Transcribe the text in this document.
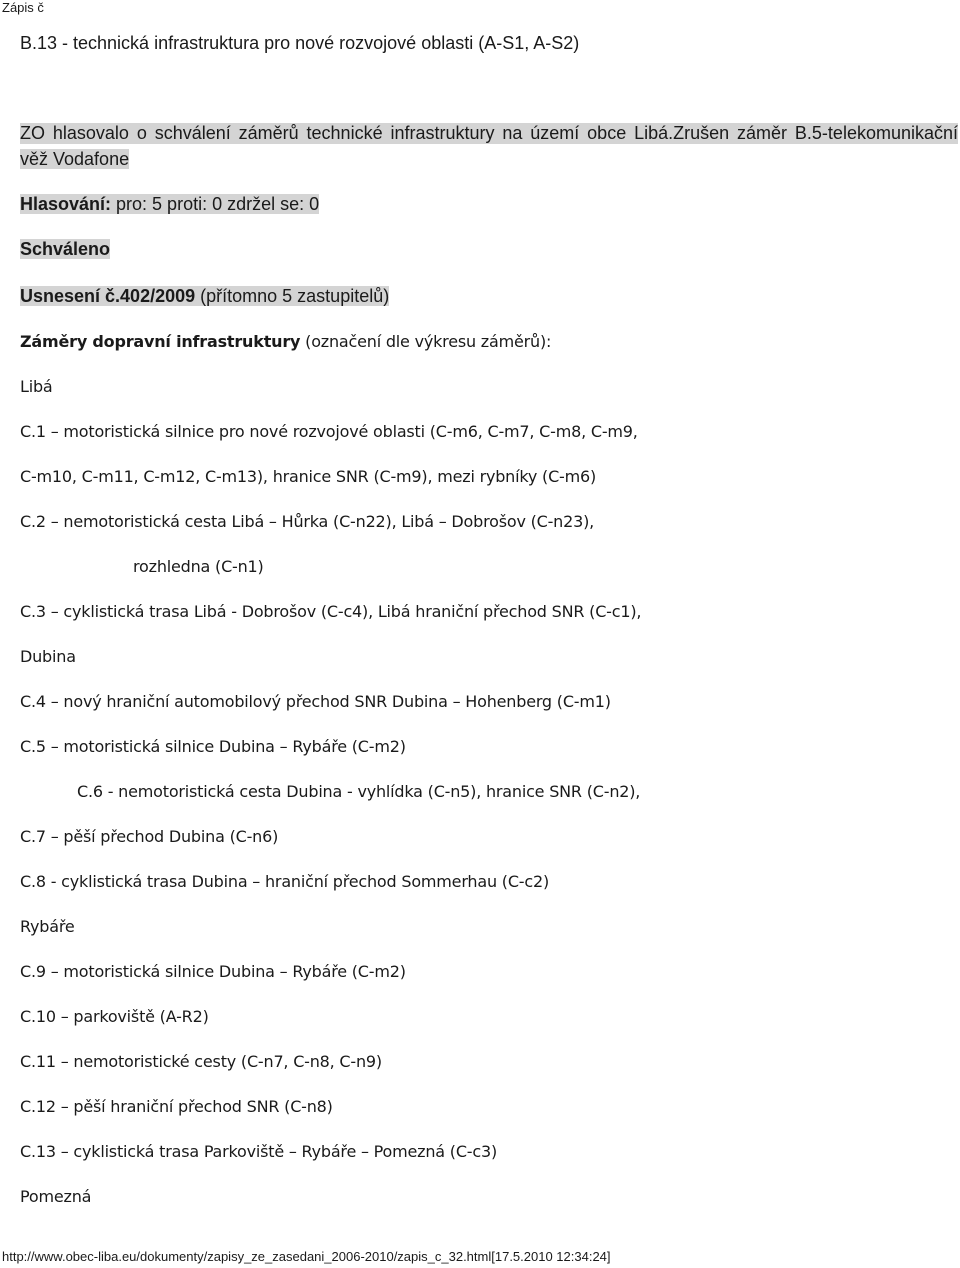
Zápis č
B.13 - technická infrastruktura pro nové rozvojové oblasti (A-S1, A-S2)
ZO hlasovalo o schválení záměrů technické infrastruktury na území obce Libá.Zrušen záměr B.5-telekomunikační
věž Vodafone
Hlasování: pro: 5 proti: 0 zdržel se: 0
Schváleno
Usnesení č.402/2009 (přítomno 5 zastupitelů)
Záměry dopravní infrastruktury (označení dle výkresu záměrů):
Libá
C.1 – motoristická silnice pro nové rozvojové oblasti (C-m6, C-m7, C-m8, C-m9,
C-m10, C-m11, C-m12, C-m13), hranice SNR (C-m9), mezi rybníky (C-m6)
C.2 – nemotoristická cesta Libá – Hůrka (C-n22), Libá – Dobrošov (C-n23),
rozhledna (C-n1)
C.3 – cyklistická trasa Libá - Dobrošov (C-c4), Libá hraniční přechod SNR (C-c1),
Dubina
C.4 – nový hraniční automobilový přechod SNR Dubina – Hohenberg (C-m1)
C.5 – motoristická silnice Dubina – Rybáře (C-m2)
C.6 - nemotoristická cesta Dubina - vyhlídka (C-n5), hranice SNR (C-n2),
C.7 – pěší přechod Dubina (C-n6)
C.8 - cyklistická trasa Dubina – hraniční přechod Sommerhau (C-c2)
Rybáře
C.9 – motoristická silnice Dubina – Rybáře (C-m2)
C.10 – parkoviště (A-R2)
C.11 – nemotoristické cesty (C-n7, C-n8, C-n9)
C.12 – pěší hraniční přechod SNR (C-n8)
C.13 – cyklistická trasa Parkoviště – Rybáře – Pomezná (C-c3)
Pomezná
http://www.obec-liba.eu/dokumenty/zapisy_ze_zasedani_2006-2010/zapis_c_32.html[17.5.2010 12:34:24]
